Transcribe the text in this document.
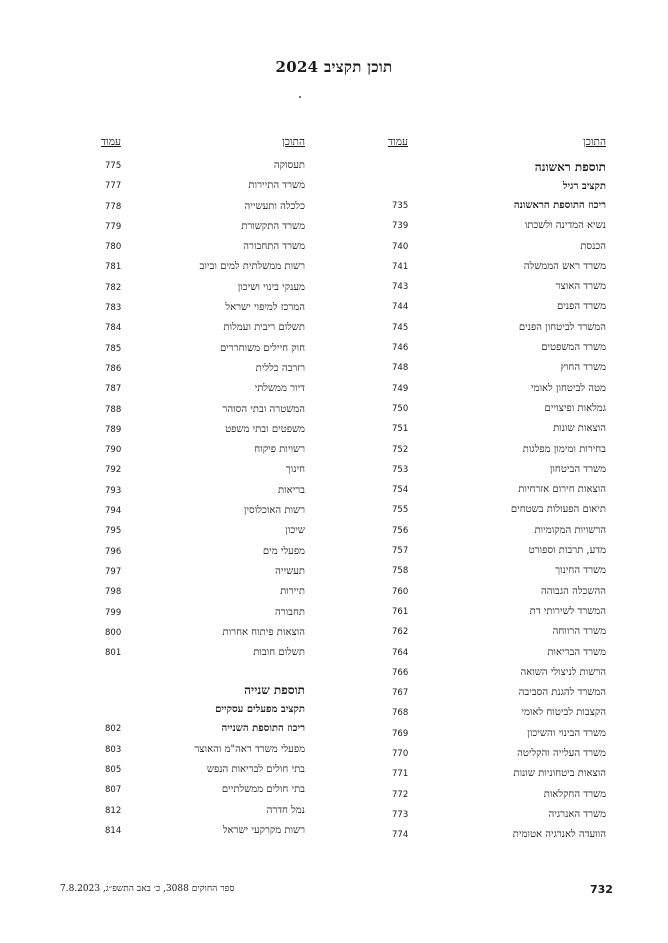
תוכן תקציב 2024
התוכן
עמוד
תוספת ראשונה
תקציב רגיל
ריכוז התוספת הראשונה
735
נשיא המדינה ולשכתו
739
הכנסת
740
משרד ראש הממשלה
741
משרד האוצר
743
משרד הפנים
744
המשרד לביטחון הפנים
745
משרד המשפטים
746
משרד החוץ
748
מטה לביטחון לאומי
749
גמלאות ופיצויים
750
הוצאות שונות
751
בחירות ומימון מפלגות
752
משרד הביטחון
753
הוצאות חירום אזרחיות
754
תיאום הפעולות בשטחים
755
הרשויות המקומיות
756
מדע, תרבות וספורט
757
משרד החינוך
758
ההשכלה הגבוהה
760
המשרד לשירותי דת
761
משרד הרווחה
762
משרד הבריאות
764
הרשות לניצולי השואה
766
המשרד להגנת הסביבה
767
הקצבות לביטוח לאומי
768
משרד הבינוי והשיכון
769
משרד העלייה והקליטה
770
הוצאות ביטחוניות שונות
771
משרד החקלאות
772
משרד האנרגיה
773
הוועדה לאנרגיה אטומית
774
התוכן
עמוד
תעסוקה
775
משרד התיירות
777
כלכלה ותעשייה
778
משרד התקשורת
779
משרד התחבורה
780
רשות ממשלתית למים וביוב
781
מענקי בינוי ושיכון
782
המרכז למיפוי ישראל
783
תשלום ריבית ועמלות
784
חוק חיילים משוחררים
785
רזרבה כללית
786
דיור ממשלתי
787
המשטרה ובתי הסוהר
788
משפטים ובתי משפט
789
רשויות פיקוח
790
חינוך
792
בריאות
793
רשות האוכלוסין
794
שיכון
795
מפעלי מים
796
תעשייה
797
תיירות
798
תחבורה
799
הוצאות פיתוח אחרות
800
תשלום חובות
801
תוספת שנייה
תקציב מפעלים עסקיים
ריכוז התוספת השנייה
802
מפעלי משרד ראה"מ והאוצר
803
בתי חולים לבריאות הנפש
805
בתי חולים ממשלתיים
807
נמל חדרה
812
רשות מקרקעי ישראל
814
ספר החוקים 3088, כ׳ באב התשפ״ג, 7.8.2023	732
